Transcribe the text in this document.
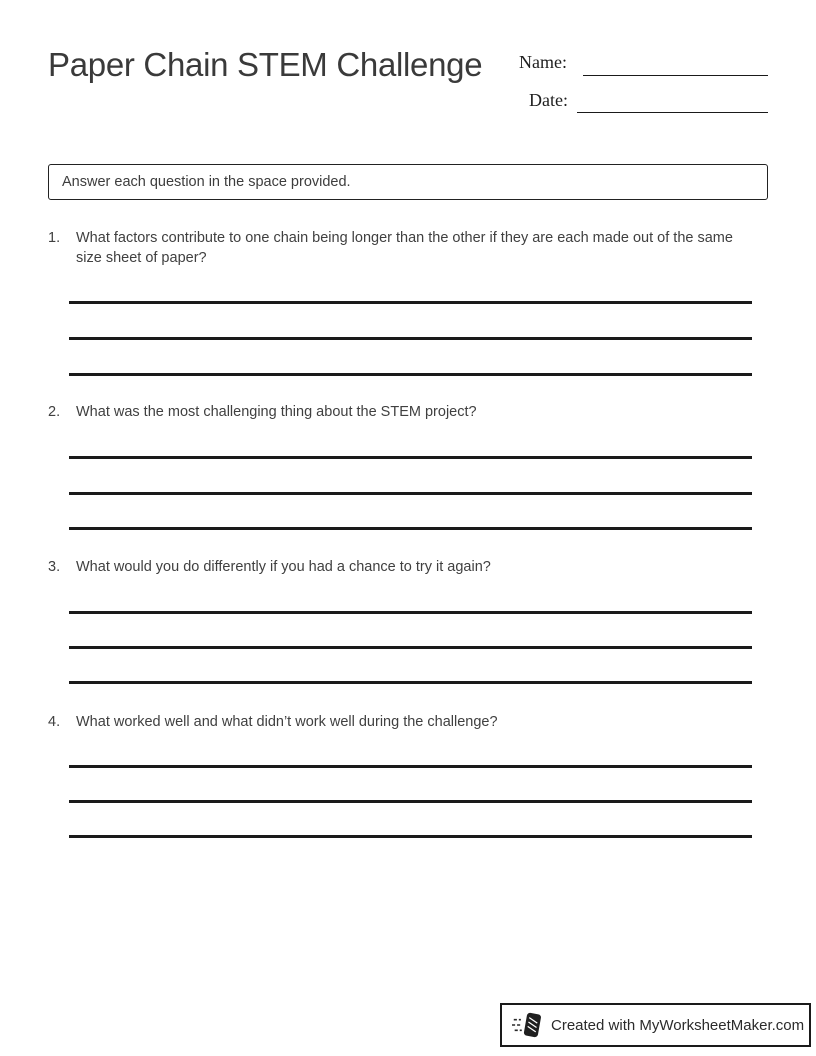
Paper Chain STEM Challenge Name:
Date:
Answer each question in the space provided.
1.	What factors contribute to one chain being longer than the other if they are each made out of the same size sheet of paper?
2.	What was the most challenging thing about the STEM project?
3.	What would you do differently if you had a chance to try it again?
4.	What worked well and what didn’t work well during the challenge?
Created with MyWorksheetMaker.com
